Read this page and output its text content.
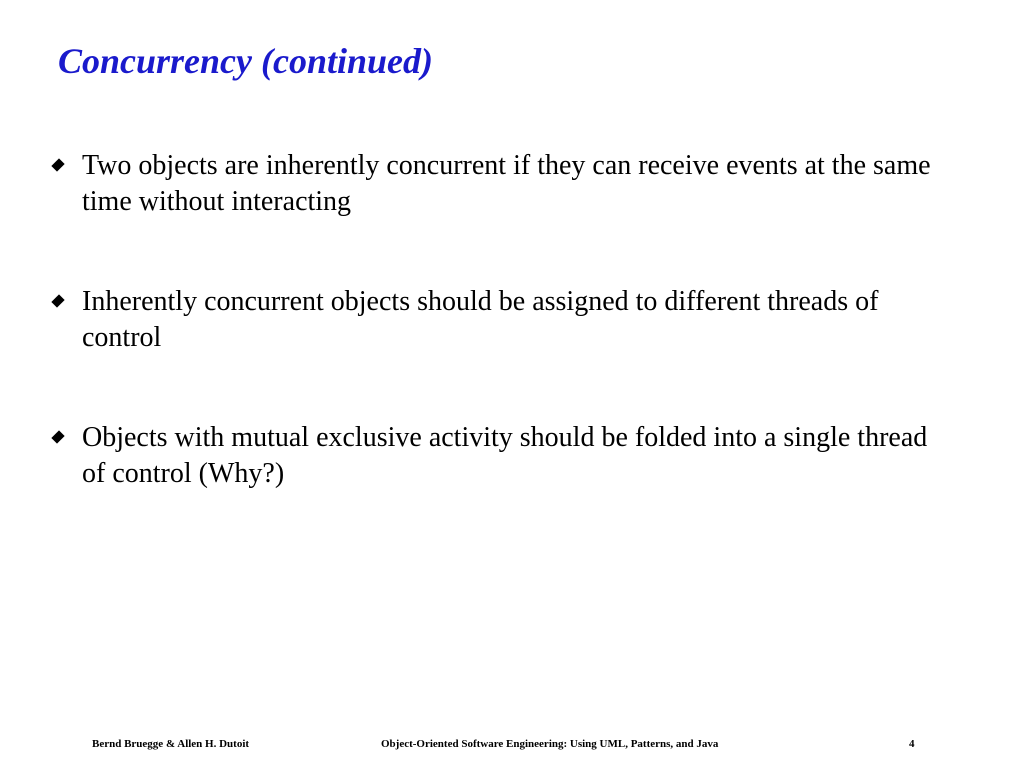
Concurrency (continued)
Two objects are inherently concurrent if they can receive events at the same time without interacting
Inherently concurrent objects should be assigned to different threads of control
Objects with mutual exclusive activity should be folded into a single thread of control (Why?)
Bernd Bruegge & Allen H. Dutoit	Object-Oriented Software Engineering: Using UML, Patterns, and Java	4
